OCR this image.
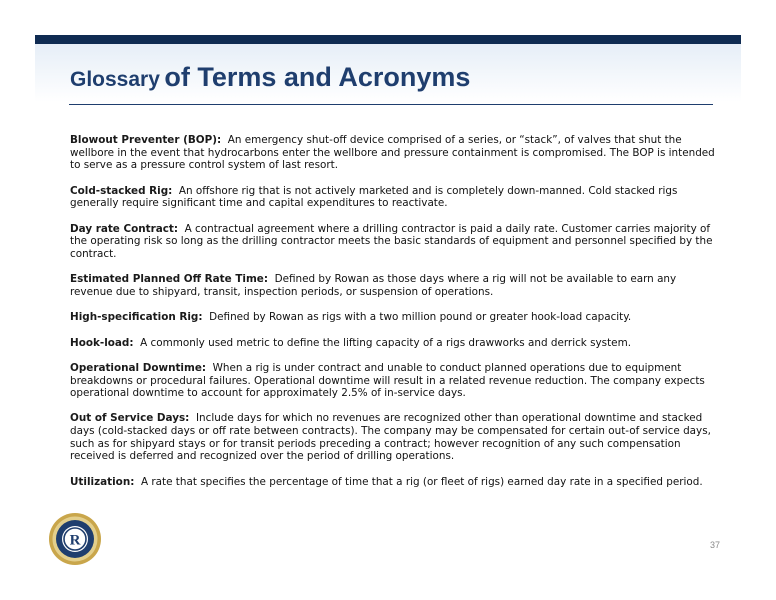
Glossary of Terms and Acronyms

Blowout Preventer (BOP): An emergency shut-off device comprised of a series, or “stack”, of valves that shut the wellbore in the event that hydrocarbons enter the wellbore and pressure containment is compromised. The BOP is intended to serve as a pressure control system of last resort.

Cold-stacked Rig: An offshore rig that is not actively marketed and is completely down-manned. Cold stacked rigs generally require significant time and capital expenditures to reactivate.

Day rate Contract: A contractual agreement where a drilling contractor is paid a daily rate. Customer carries majority of the operating risk so long as the drilling contractor meets the basic standards of equipment and personnel specified by the contract.

Estimated Planned Off Rate Time: Defined by Rowan as those days where a rig will not be available to earn any revenue due to shipyard, transit, inspection periods, or suspension of operations.

High-specification Rig: Defined by Rowan as rigs with a two million pound or greater hook-load capacity.

Hook-load: A commonly used metric to define the lifting capacity of a rigs drawworks and derrick system.

Operational Downtime: When a rig is under contract and unable to conduct planned operations due to equipment breakdowns or procedural failures. Operational downtime will result in a related revenue reduction. The company expects operational downtime to account for approximately 2.5% of in-service days.

Out of Service Days: Include days for which no revenues are recognized other than operational downtime and stacked days (cold-stacked days or off rate between contracts). The company may be compensated for certain out-of service days, such as for shipyard stays or for transit periods preceding a contract; however recognition of any such compensation received is deferred and recognized over the period of drilling operations.

Utilization: A rate that specifies the percentage of time that a rig (or fleet of rigs) earned day rate in a specified period.

R	37
